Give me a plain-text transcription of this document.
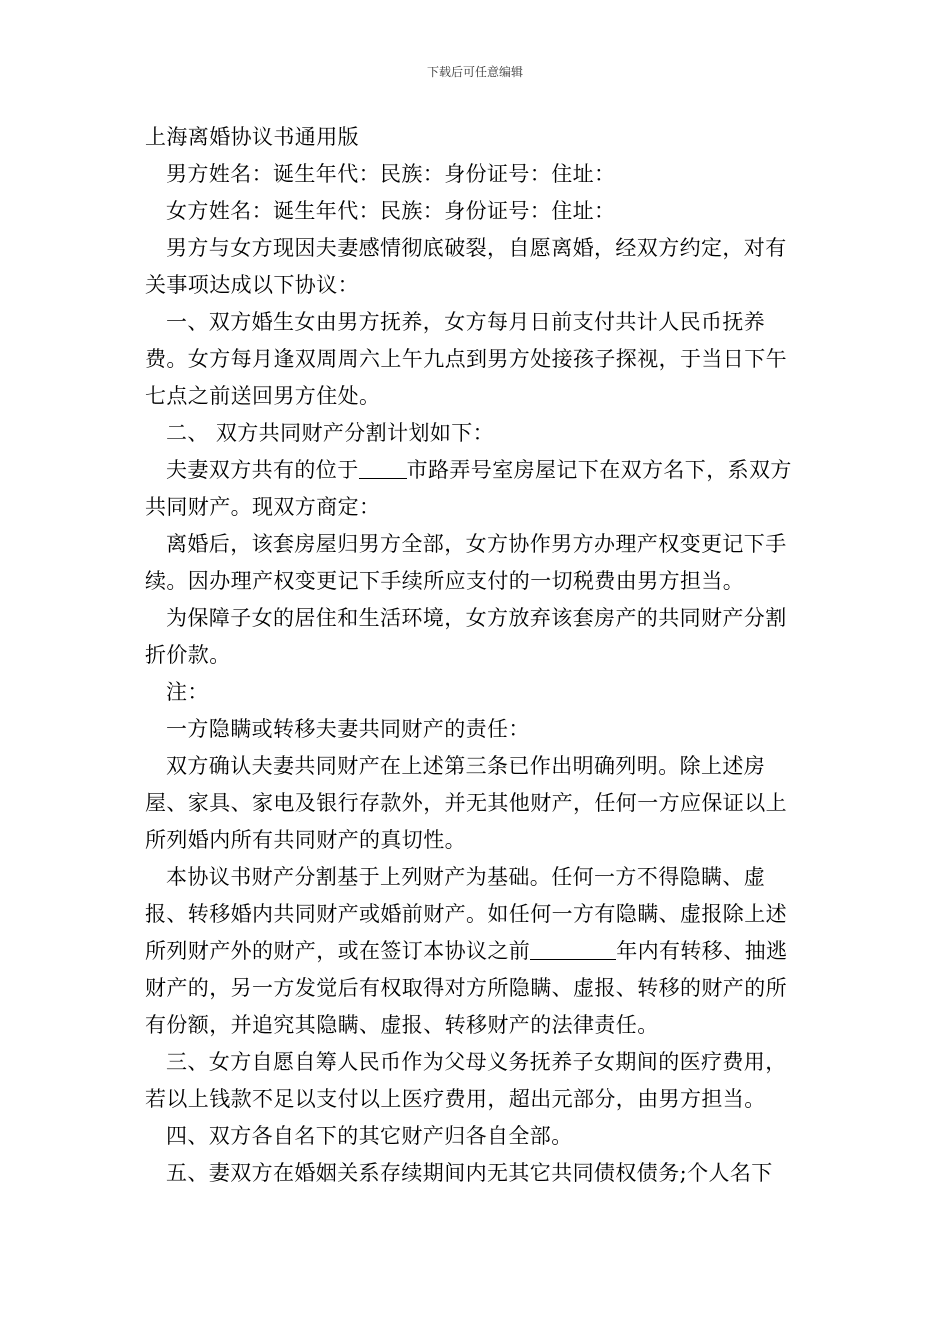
下载后可任意编辑
上海离婚协议书通用版

男方姓名：诞生年代：民族：身份证号：住址：

女方姓名：诞生年代：民族：身份证号：住址：

男方与女方现因夫妻感情彻底破裂，自愿离婚，经双方约定，对有关事项达成以下协议：

一、双方婚生女由男方抚养，女方每月日前支付共计人民币抚养费。女方每月逢双周周六上午九点到男方处接孩子探视，于当日下午七点之前送回男方住处。

二、 双方共同财产分割计划如下：

夫妻双方共有的位于 市路弄号室房屋记下在双方名下，系双方共同财产。现双方商定：

离婚后，该套房屋归男方全部，女方协作男方办理产权变更记下手续。因办理产权变更记下手续所应支付的一切税费由男方担当。

为保障子女的居住和生活环境，女方放弃该套房产的共同财产分割折价款。

注：

一方隐瞒或转移夫妻共同财产的责任：

双方确认夫妻共同财产在上述第三条已作出明确列明。除上述房屋、家具、家电及银行存款外，并无其他财产，任何一方应保证以上所列婚内所有共同财产的真切性。

本协议书财产分割基于上列财产为基础。任何一方不得隐瞒、虚报、转移婚内共同财产或婚前财产。如任何一方有隐瞒、虚报除上述所列财产外的财产，或在签订本协议之前	年内有转移、抽逃财产的，另一方发觉后有权取得对方所隐瞒、虚报、转移的财产的所有份额，并追究其隐瞒、虚报、转移财产的法律责任。

三、女方自愿自筹人民币作为父母义务抚养子女期间的医疗费用，若以上钱款不足以支付以上医疗费用，超出元部分，由男方担当。

四、双方各自名下的其它财产归各自全部。

五、妻双方在婚姻关系存续期间内无其它共同债权债务;个人名下
